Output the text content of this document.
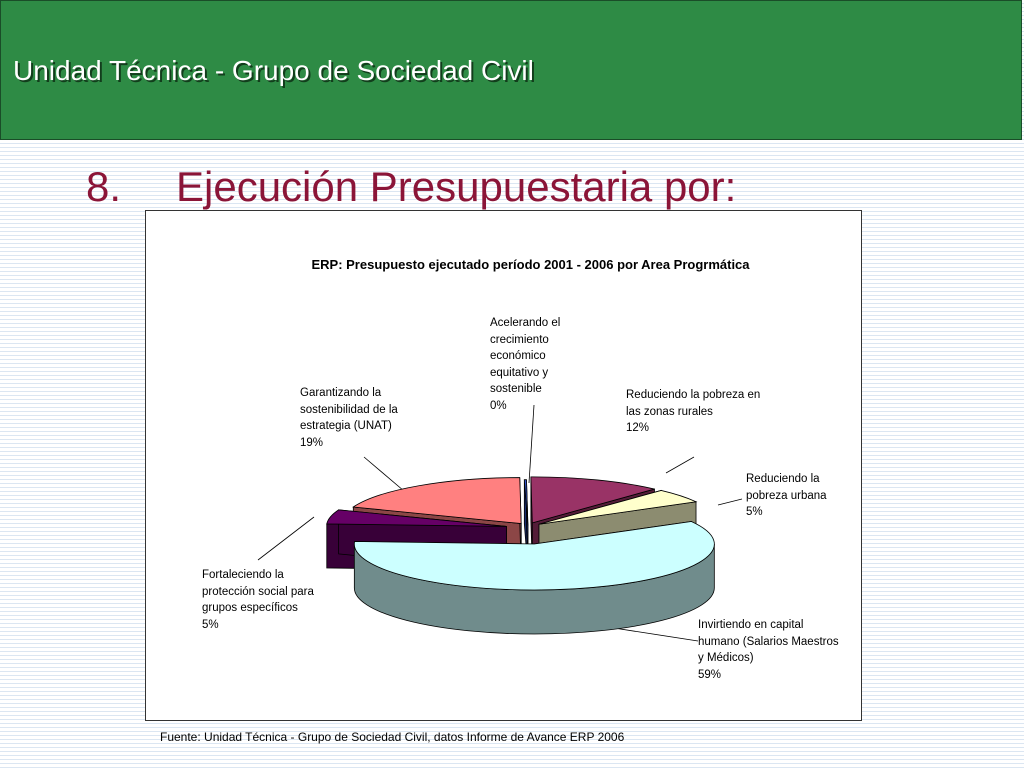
Unidad Técnica - Grupo de Sociedad Civil
8. Ejecución Presupuestaria por:
ERP: Presupuesto ejecutado período 2001 - 2006 por Area Progrmática
Acelerando el crecimiento económico equitativo y sostenible
0%
Reduciendo la pobreza en las zonas rurales
12%
Reduciendo la pobreza urbana
5%
Invirtiendo en capital humano (Salarios Maestros y Médicos)
59%
Fortaleciendo la protección social para grupos específicos
5%
Garantizando la sostenibilidad de la estrategia (UNAT)
19%
Fuente: Unidad Técnica - Grupo de Sociedad Civil, datos Informe de Avance ERP 2006
